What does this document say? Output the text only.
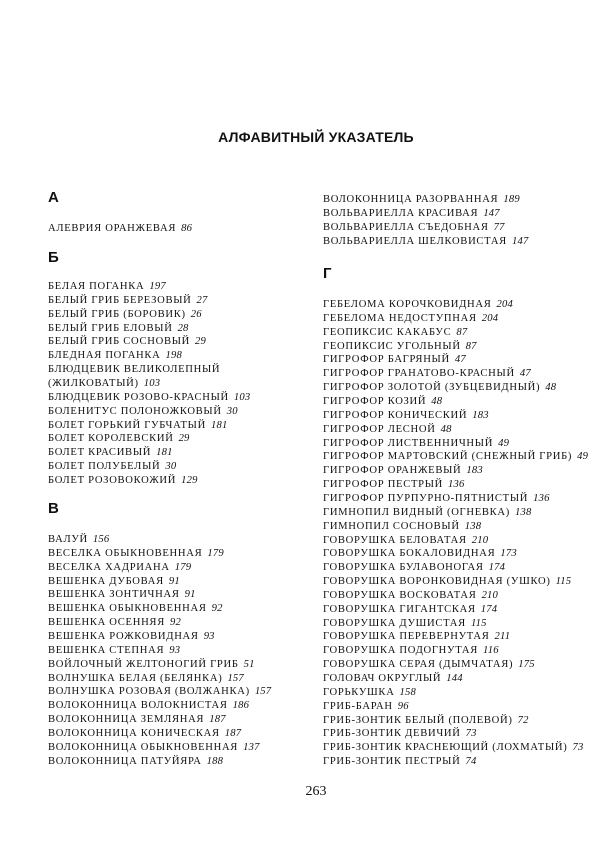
АЛФАВИТНЫЙ УКАЗАТЕЛЬ
А
АЛЕВРИЯ ОРАНЖЕВАЯ 86
Б
БЕЛАЯ ПОГАНКА 197
БЕЛЫЙ ГРИБ БЕРЕЗОВЫЙ 27
БЕЛЫЙ ГРИБ (БОРОВИК) 26
БЕЛЫЙ ГРИБ ЕЛОВЫЙ 28
БЕЛЫЙ ГРИБ СОСНОВЫЙ 29
БЛЕДНАЯ ПОГАНКА 198
БЛЮДЦЕВИК ВЕЛИКОЛЕПНЫЙ
(ЖИЛКОВАТЫЙ) 103
БЛЮДЦЕВИК РОЗОВО-КРАСНЫЙ 103
БОЛЕНИТУС ПОЛОНОЖКОВЫЙ 30
БОЛЕТ ГОРЬКИЙ ГУБЧАТЫЙ 181
БОЛЕТ КОРОЛЕВСКИЙ 29
БОЛЕТ КРАСИВЫЙ 181
БОЛЕТ ПОЛУБЕЛЫЙ 30
БОЛЕТ РОЗОВОКОЖИЙ 129
В
ВАЛУЙ 156
ВЕСЕЛКА ОБЫКНОВЕННАЯ 179
ВЕСЕЛКА ХАДРИАНА 179
ВЕШЕНКА ДУБОВАЯ 91
ВЕШЕНКА ЗОНТИЧНАЯ 91
ВЕШЕНКА ОБЫКНОВЕННАЯ 92
ВЕШЕНКА ОСЕННЯЯ 92
ВЕШЕНКА РОЖКОВИДНАЯ 93
ВЕШЕНКА СТЕПНАЯ 93
ВОЙЛОЧНЫЙ ЖЕЛТОНОГИЙ ГРИБ 51
ВОЛНУШКА БЕЛАЯ (БЕЛЯНКА) 157
ВОЛНУШКА РОЗОВАЯ (ВОЛЖАНКА) 157
ВОЛОКОННИЦА ВОЛОКНИСТАЯ 186
ВОЛОКОННИЦА ЗЕМЛЯНАЯ 187
ВОЛОКОННИЦА КОНИЧЕСКАЯ 187
ВОЛОКОННИЦА ОБЫКНОВЕННАЯ 137
ВОЛОКОННИЦА ПАТУЙЯРА 188
ВОЛОКОННИЦА РАЗОРВАННАЯ 189
ВОЛЬВАРИЕЛЛА КРАСИВАЯ 147
ВОЛЬВАРИЕЛЛА СЪЕДОБНАЯ 77
ВОЛЬВАРИЕЛЛА ШЕЛКОВИСТАЯ 147
Г
ГЕБЕЛОМА КОРОЧКОВИДНАЯ 204
ГЕБЕЛОМА НЕДОСТУПНАЯ 204
ГЕОПИКСИС КАКАБУС 87
ГЕОПИКСИС УГОЛЬНЫЙ 87
ГИГРОФОР БАГРЯНЫЙ 47
ГИГРОФОР ГРАНАТОВО-КРАСНЫЙ 47
ГИГРОФОР ЗОЛОТОЙ (ЗУБЦЕВИДНЫЙ) 48
ГИГРОФОР КОЗИЙ 48
ГИГРОФОР КОНИЧЕСКИЙ 183
ГИГРОФОР ЛЕСНОЙ 48
ГИГРОФОР ЛИСТВЕННИЧНЫЙ 49
ГИГРОФОР МАРТОВСКИЙ (СНЕЖНЫЙ ГРИБ) 49
ГИГРОФОР ОРАНЖЕВЫЙ 183
ГИГРОФОР ПЕСТРЫЙ 136
ГИГРОФОР ПУРПУРНО-ПЯТНИСТЫЙ 136
ГИМНОПИЛ ВИДНЫЙ (ОГНЕВКА) 138
ГИМНОПИЛ СОСНОВЫЙ 138
ГОВОРУШКА БЕЛОВАТАЯ 210
ГОВОРУШКА БОКАЛОВИДНАЯ 173
ГОВОРУШКА БУЛАВОНОГАЯ 174
ГОВОРУШКА ВОРОНКОВИДНАЯ (УШКО) 115
ГОВОРУШКА ВОСКОВАТАЯ 210
ГОВОРУШКА ГИГАНТСКАЯ 174
ГОВОРУШКА ДУШИСТАЯ 115
ГОВОРУШКА ПЕРЕВЕРНУТАЯ 211
ГОВОРУШКА ПОДОГНУТАЯ 116
ГОВОРУШКА СЕРАЯ (ДЫМЧАТАЯ) 175
ГОЛОВАЧ ОКРУГЛЫЙ 144
ГОРЬКУШКА 158
ГРИБ-БАРАН 96
ГРИБ-ЗОНТИК БЕЛЫЙ (ПОЛЕВОЙ) 72
ГРИБ-ЗОНТИК ДЕВИЧИЙ 73
ГРИБ-ЗОНТИК КРАСНЕЮЩИЙ (ЛОХМАТЫЙ) 73
ГРИБ-ЗОНТИК ПЕСТРЫЙ 74
263
